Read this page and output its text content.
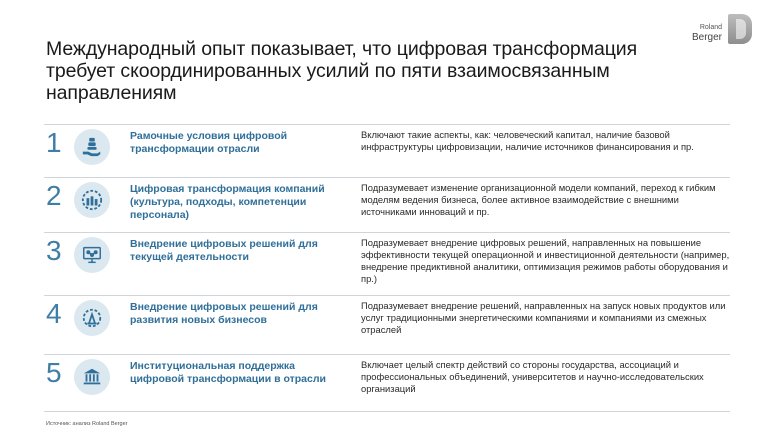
Международный опыт показывает, что цифровая трансформация требует скоординированных усилий по пяти взаимосвязанным направлениям
Roland
Berger
1	Рамочные условия цифровой трансформации отрасли
Включают такие аспекты, как: человеческий капитал, наличие базовой инфраструктуры цифровизации, наличие источников финансирования и пр.
2	Цифровая трансформация компаний (культура, подходы, компетенции персонала)
Подразумевает изменение организационной модели компаний, переход к гибким моделям ведения бизнеса, более активное взаимодействие с внешними источниками инноваций и пр.
3	Внедрение цифровых решений для текущей деятельности
Подразумевает внедрение цифровых решений, направленных на повышение эффективности текущей операционной и инвестиционной деятельности (например, внедрение предиктивной аналитики, оптимизация режимов работы оборудования и пр.)
4	Внедрение цифровых решений для развития новых бизнесов
Подразумевает внедрение решений, направленных на запуск новых продуктов или услуг традиционными энергетическими компаниями и компаниями из смежных отраслей
5	Институциональная поддержка цифровой трансформации в отрасли
Включает целый спектр действий со стороны государства, ассоциаций и профессиональных объединений, университетов и научно-исследовательских организаций
Источник: анализ Roland Berger
